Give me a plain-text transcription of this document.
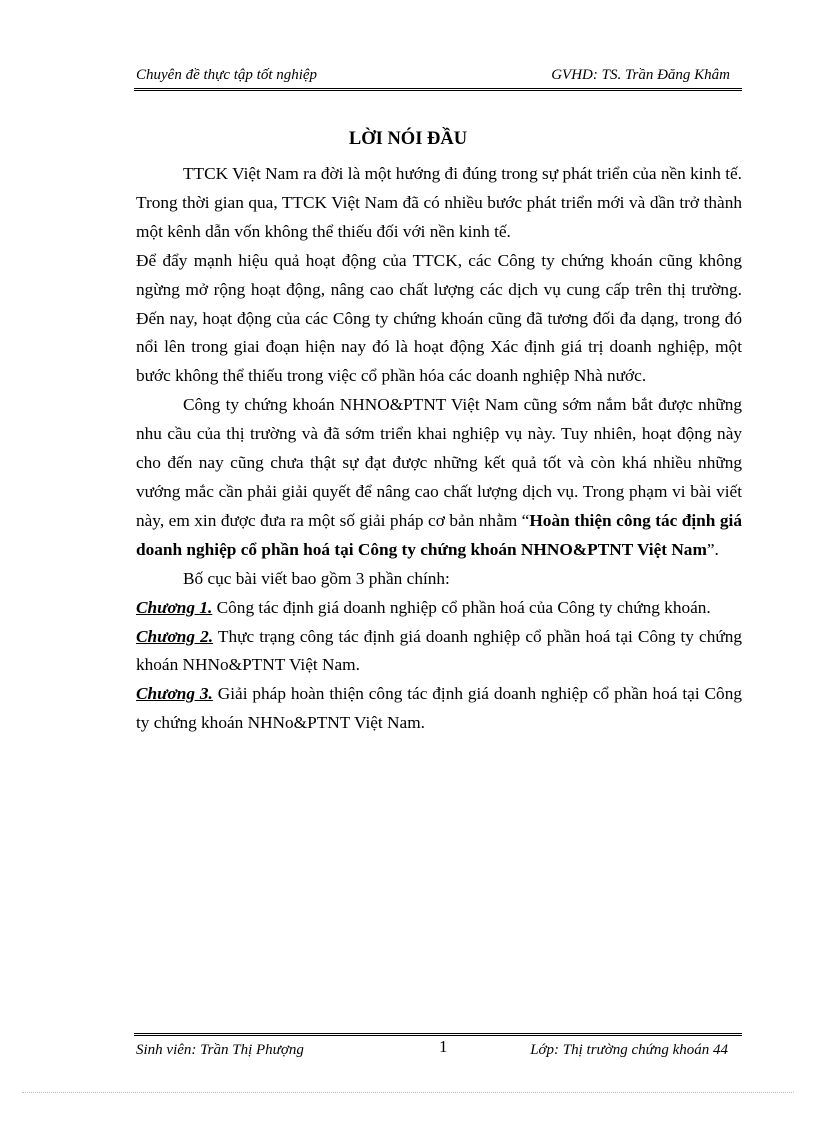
Chuyên đề thực tập tốt nghiệp	GVHD: TS. Trần Đăng Khâm
LỜI NÓI ĐẦU

TTCK Việt Nam ra đời là một hướng đi đúng trong sự phát triển của nền kinh tế. Trong thời gian qua, TTCK Việt Nam đã có nhiều bước phát triển mới và dần trở thành một kênh dẫn vốn không thể thiếu đối với nền kinh tế.

Để đẩy mạnh hiệu quả hoạt động của TTCK, các Công ty chứng khoán cũng không ngừng mở rộng hoạt động, nâng cao chất lượng các dịch vụ cung cấp trên thị trường. Đến nay, hoạt động của các Công ty chứng khoán cũng đã tương đối đa dạng, trong đó nổi lên trong giai đoạn hiện nay đó là hoạt động Xác định giá trị doanh nghiệp, một bước không thể thiếu trong việc cổ phần hóa các doanh nghiệp Nhà nước.

Công ty chứng khoán NHNO&PTNT Việt Nam cũng sớm nắm bắt được những nhu cầu của thị trường và đã sớm triển khai nghiệp vụ này. Tuy nhiên, hoạt động này cho đến nay cũng chưa thật sự đạt được những kết quả tốt và còn khá nhiều những vướng mắc cần phải giải quyết để nâng cao chất lượng dịch vụ. Trong phạm vi bài viết này, em xin được đưa ra một số giải pháp cơ bản nhằm “Hoàn thiện công tác định giá doanh nghiệp cổ phần hoá tại Công ty chứng khoán NHNO&PTNT Việt Nam”.

Bố cục bài viết bao gồm 3 phần chính:

Chương 1. Công tác định giá doanh nghiệp cổ phần hoá của Công ty chứng khoán.

Chương 2. Thực trạng công tác định giá doanh nghiệp cổ phần hoá tại Công ty chứng khoán NHNo&PTNT Việt Nam.

Chương 3. Giải pháp hoàn thiện công tác định giá doanh nghiệp cổ phần hoá tại Công ty chứng khoán NHNo&PTNT Việt Nam.

Sinh viên: Trần Thị Phượng	1	Lớp: Thị trường chứng khoán 44
